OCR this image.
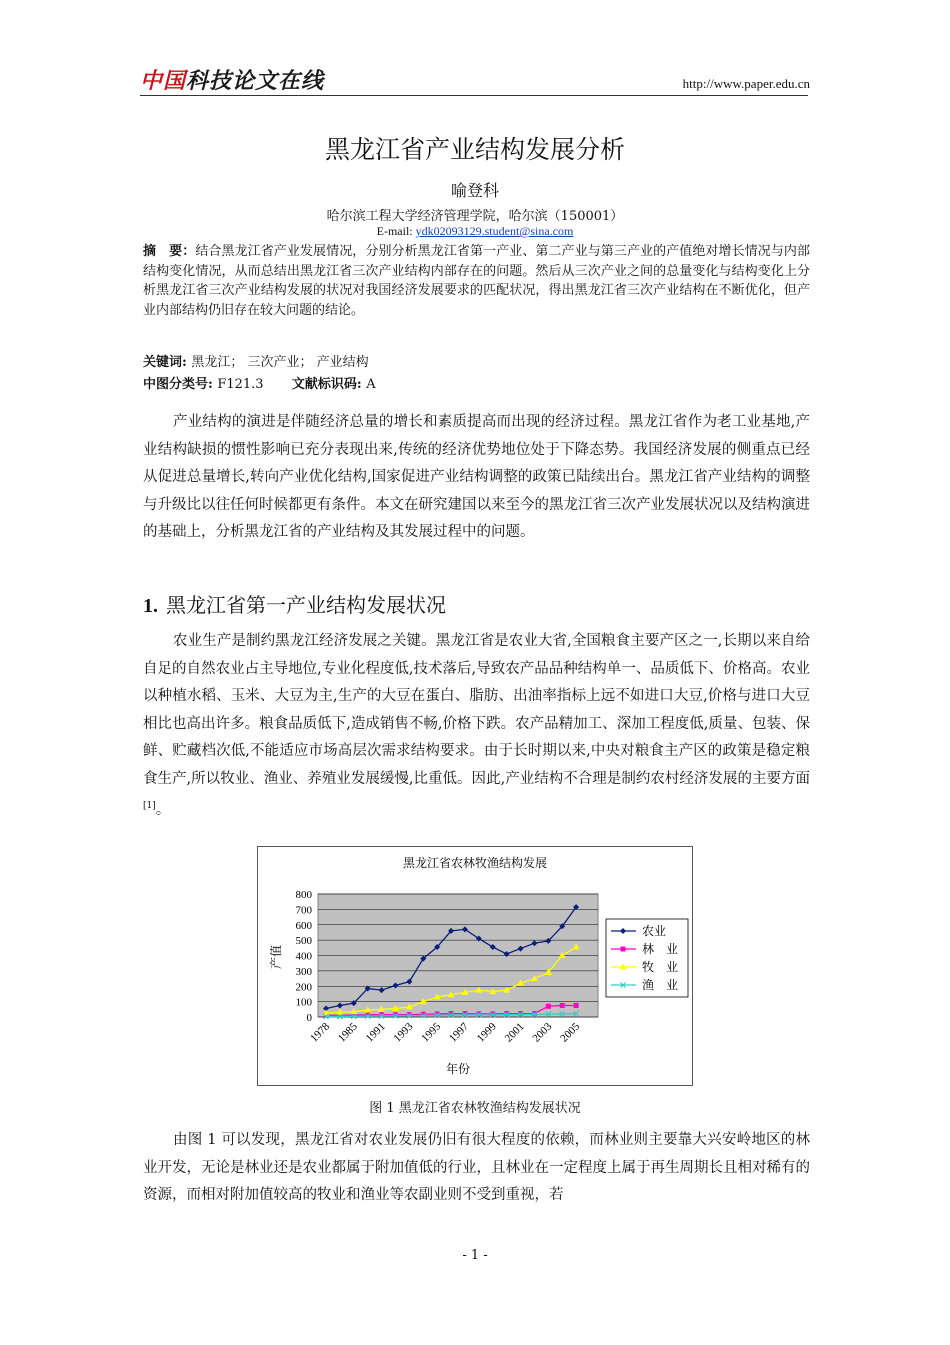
中国科技论文在线	http://www.paper.edu.cn
黑龙江省产业结构发展分析
喻登科
哈尔滨工程大学经济管理学院，哈尔滨（150001）
E-mail: ydk02093129.student@sina.com
摘　要：结合黑龙江省产业发展情况，分别分析黑龙江省第一产业、第二产业与第三产业的产值绝对增长情况与内部结构变化情况，从而总结出黑龙江省三次产业结构内部存在的问题。然后从三次产业之间的总量变化与结构变化上分析黑龙江省三次产业结构发展的状况对我国经济发展要求的匹配状况，得出黑龙江省三次产业结构在不断优化，但产业内部结构仍旧存在较大问题的结论。
关键词: 黑龙江； 三次产业； 产业结构
中图分类号: F121.3 文献标识码: A
产业结构的演进是伴随经济总量的增长和素质提高而出现的经济过程。黑龙江省作为老工业基地,产业结构缺损的惯性影响已充分表现出来,传统的经济优势地位处于下降态势。我国经济发展的侧重点已经从促进总量增长,转向产业优化结构,国家促进产业结构调整的政策已陆续出台。黑龙江省产业结构的调整与升级比以往任何时候都更有条件。本文在研究建国以来至今的黑龙江省三次产业发展状况以及结构演进的基础上，分析黑龙江省的产业结构及其发展过程中的问题。
1. 黑龙江省第一产业结构发展状况
农业生产是制约黑龙江经济发展之关键。黑龙江省是农业大省,全国粮食主要产区之一,长期以来自给自足的自然农业占主导地位,专业化程度低,技术落后,导致农产品品种结构单一、品质低下、价格高。农业以种植水稻、玉米、大豆为主,生产的大豆在蛋白、脂肪、出油率指标上远不如进口大豆,价格与进口大豆相比也高出许多。粮食品质低下,造成销售不畅,价格下跌。农产品精加工、深加工程度低,质量、包装、保鲜、贮藏档次低,不能适应市场高层次需求结构要求。由于长时期以来,中央对粮食主产区的政策是稳定粮食生产,所以牧业、渔业、养殖业发展缓慢,比重低。因此,产业结构不合理是制约农村经济发展的主要方面[1]。
黑龙江省农林牧渔结构发展
0
100
200
300
400
500
600
700
800
1978 1985 1991 1993 1995 1997 1999 2001 2003 2005
产值
年份
农业
林　业
牧　业
渔　业
图 1 黑龙江省农林牧渔结构发展状况
由图 1 可以发现，黑龙江省对农业发展仍旧有很大程度的依赖，而林业则主要靠大兴安岭地区的林业开发，无论是林业还是农业都属于附加值低的行业，且林业在一定程度上属于再生周期长且相对稀有的资源，而相对附加值较高的牧业和渔业等农副业则不受到重视，若
- 1 -
